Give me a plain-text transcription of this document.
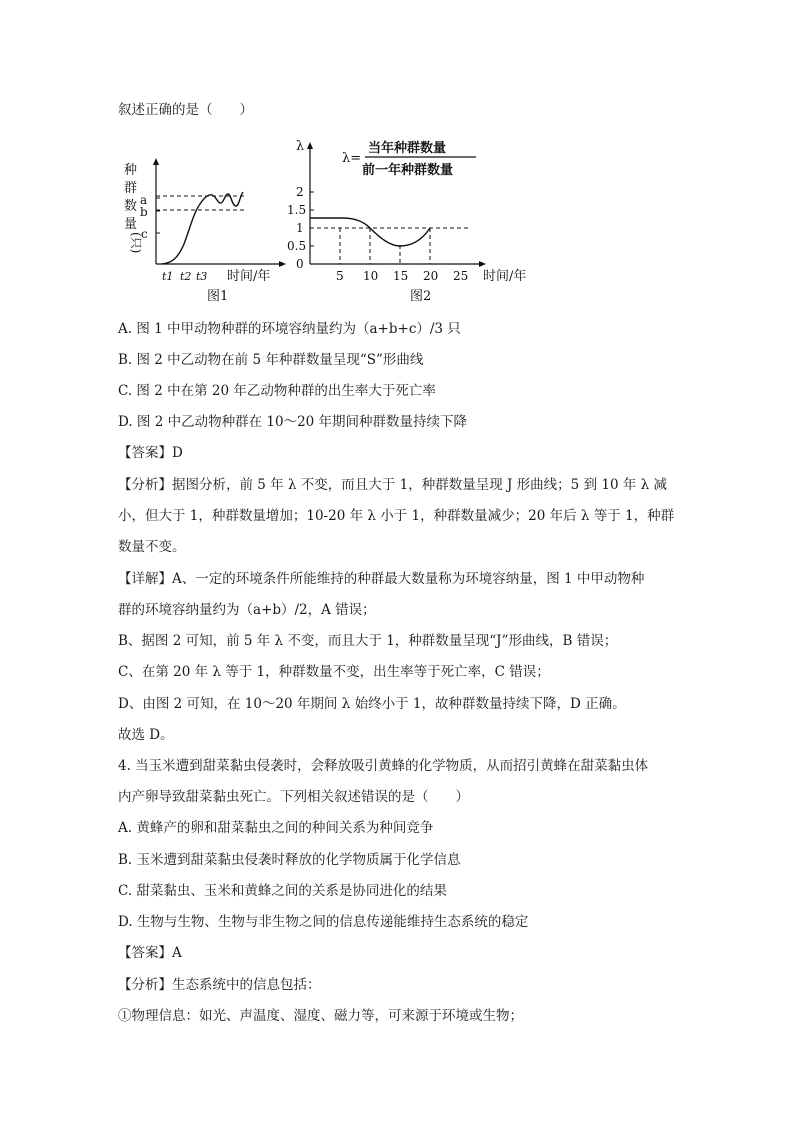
叙述正确的是（　　）
种
群
数
量
(只)
a
b
c
t1 t2 t3 时间/年
图1
λ
λ=
当年种群数量
前一年种群数量
0
0.5
1
1.5
2
5 10 15 20 25 时间/年
图2
A. 图 1 中甲动物种群的环境容纳量约为（a+b+c）/3 只
B. 图 2 中乙动物在前 5 年种群数量呈现“S”形曲线
C. 图 2 中在第 20 年乙动物种群的出生率大于死亡率
D. 图 2 中乙动物种群在 10～20 年期间种群数量持续下降
【答案】D
【分析】据图分析，前 5 年 λ 不变，而且大于 1，种群数量呈现 J 形曲线；5 到 10 年 λ 减
小，但大于 1，种群数量增加；10-20 年 λ 小于 1，种群数量减少；20 年后 λ 等于 1，种群
数量不变。
【详解】A、一定的环境条件所能维持的种群最大数量称为环境容纳量，图 1 中甲动物种
群的环境容纳量约为（a+b）/2，A 错误；
B、据图 2 可知，前 5 年 λ 不变，而且大于 1，种群数量呈现“J”形曲线，B 错误；
C、在第 20 年 λ 等于 1，种群数量不变，出生率等于死亡率，C 错误；
D、由图 2 可知，在 10～20 年期间 λ 始终小于 1，故种群数量持续下降，D 正确。
故选 D。
4. 当玉米遭到甜菜黏虫侵袭时，会释放吸引黄蜂的化学物质，从而招引黄蜂在甜菜黏虫体
内产卵导致甜菜黏虫死亡。下列相关叙述错误的是（　　）
A. 黄蜂产的卵和甜菜黏虫之间的种间关系为种间竞争
B. 玉米遭到甜菜黏虫侵袭时释放的化学物质属于化学信息
C. 甜菜黏虫、玉米和黄蜂之间的关系是协同进化的结果
D. 生物与生物、生物与非生物之间的信息传递能维持生态系统的稳定
【答案】A
【分析】生态系统中的信息包括：
①物理信息：如光、声温度、湿度、磁力等，可来源于环境或生物；
